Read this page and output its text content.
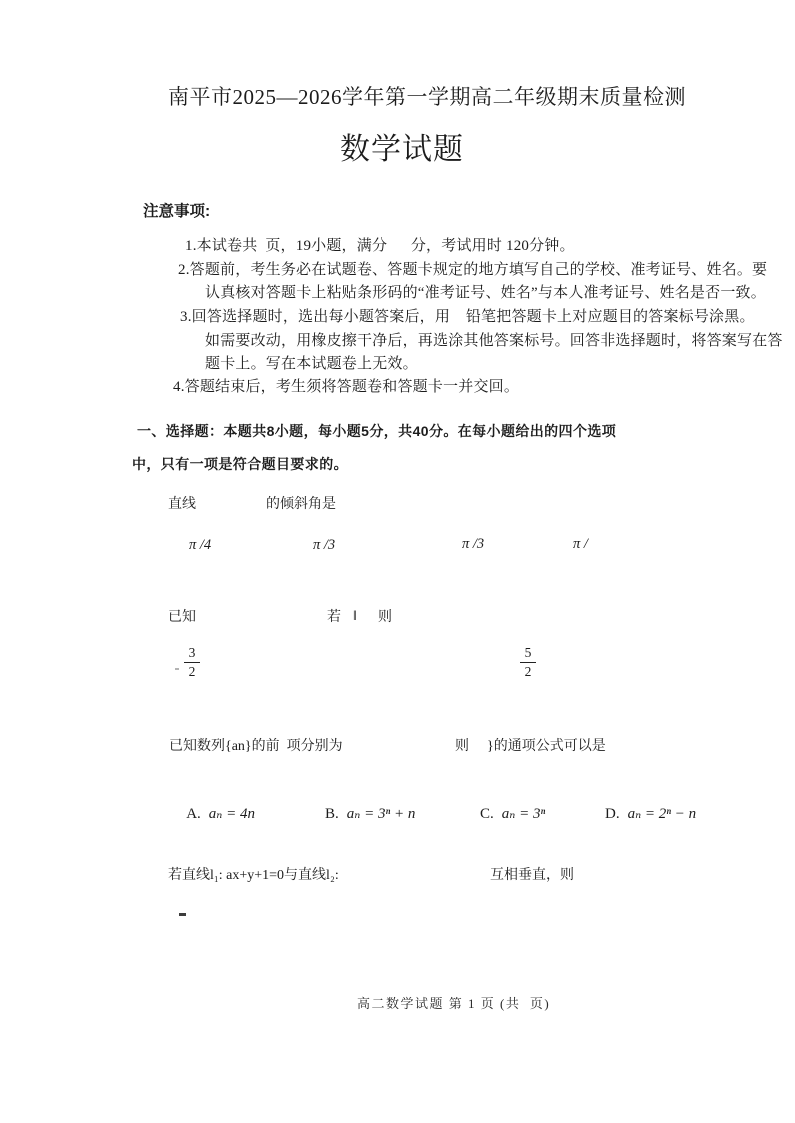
南平市2025—2026学年第一学期高二年级期末质量检测
数学试题
注意事项:
1.本试卷共  页，19小题，满分      分，考试用时 120分钟。
2.答题前，考生务必在试题卷、答题卡规定的地方填写自己的学校、准考证号、姓名。要
认真核对答题卡上粘贴条形码的“准考证号、姓名”与本人准考证号、姓名是否一致。
3.回答选择题时，选出每小题答案后，用    铅笔把答题卡上对应题目的答案标号涂黑。
如需要改动，用橡皮擦干净后，再选涂其他答案标号。回答非选择题时，将答案写在答
题卡上。写在本试题卷上无效。
4.答题结束后，考生须将答题卷和答题卡一并交回。
一、选择题：本题共8小题，每小题5分，共40分。在每小题给出的四个选项
中，只有一项是符合题目要求的。
直线	的倾斜角是
π /4	π /3	π /3	π /
已知	若 ‖ 则
$\frac{3}{2}$	$\frac{5}{2}$
已知数列{an}的前  项分别为	则 }的通项公式可以是

A. aₙ = 4n
	B. aₙ = 3ⁿ + n
	C. aₙ = 3ⁿ
	D. aₙ = 2ⁿ − n

若直线l₁: ax+y+1=0与直线l₂:	互相垂直，则
高二数学试题 第 1 页 (共  页)
